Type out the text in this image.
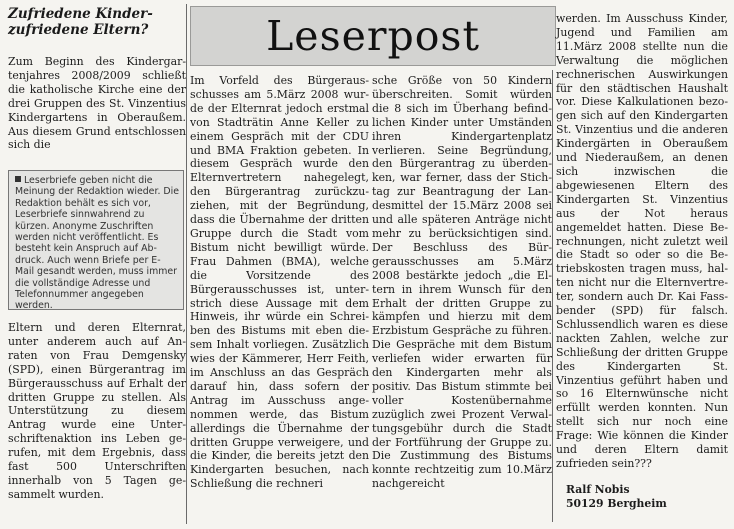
Zufriedene Kinder-
zufriedene Eltern?

Zum Beginn des Kindergartenjahres 2008/2009 schließt die katholische Kirche eine der drei Gruppen des St. Vinzentius Kindergartens in Oberaußem. Aus diesem Grund entschlossen sich die

Leserbriefe geben nicht die Meinung der Redaktion wieder. Die Redaktion behält es sich vor, Leserbriefe sinnwahrend zu kürzen. Anonyme Zuschriften werden nicht veröffentlicht. Es besteht kein Anspruch auf Abdruck. Auch wenn Briefe per E-Mail gesandt werden, muss immer die vollständige Adresse und Telefonnummer angegeben werden.

Eltern und deren Elternrat, unter anderem auch auf Anraten von Frau Demgensky (SPD), einen Bürgerantrag im Bürgerausschuss auf Erhalt der dritten Gruppe zu stellen. Als Unterstützung zu diesem Antrag wurde eine Unterschriftenaktion ins Leben gerufen, mit dem Ergebnis, dass fast 500 Unterschriften innerhalb von 5 Tagen gesammelt wurden.

Leserpost

Im Vorfeld des Bürgerausschusses am 5.März 2008 wurde der Elternrat jedoch erstmal von Stadträtin Anne Keller zu einem Gespräch mit der CDU und BMA Fraktion gebeten. In diesem Gespräch wurde den Elternvertretern nahegelegt, den Bürgerantrag zurückzuziehen, mit der Begründung, dass die Übernahme der dritten Gruppe durch die Stadt vom Bistum nicht bewilligt würde. Frau Dahmen (BMA), welche die Vorsitzende des Bürgerausschusses ist, unterstrich diese Aussage mit dem Hinweis, ihr würde ein Schreiben des Bistums mit eben diesem Inhalt vorliegen. Zusätzlich wies der Kämmerer, Herr Feith, im Anschluss an das Gespräch darauf hin, dass sofern der Antrag im Ausschuss angenommen werde, das Bistum allerdings die Übernahme der dritten Gruppe verweigere, und die Kinder, die bereits jetzt den Kindergarten besuchen, nach Schließung die rechneri

sche Größe von 50 Kindern überschreiten. Somit würden die 8 sich im Überhang befindlichen Kinder unter Umständen ihren Kindergartenplatz verlieren. Seine Begründung, den Bürgerantrag zu überdenken, war ferner, dass der Stichtag zur Beantragung der Landesmittel der 15.März 2008 sei und alle späteren Anträge nicht mehr zu berücksichtigen sind. Der Beschluss des Bürgerausschusses am 5.März 2008 bestärkte jedoch „die Eltern in ihrem Wunsch für den Erhalt der dritten Gruppe zu kämpfen und hierzu mit dem Erzbistum Gespräche zu führen. Die Gespräche mit dem Bistum verliefen wider erwarten für den Kindergarten mehr als positiv. Das Bistum stimmte bei voller Kostenübernahme zuzüglich zwei Prozent Verwaltungsgebühr durch die Stadt der Fortführung der Gruppe zu. Die Zustimmung des Bistums konnte rechtzeitig zum 10.März nachgereicht

werden. Im Ausschuss Kinder, Jugend und Familien am 11.März 2008 stellte nun die Verwaltung die möglichen rechnerischen Auswirkungen für den städtischen Haushalt vor. Diese Kalkulationen bezogen sich auf den Kindergarten St. Vinzentius und die anderen Kindergärten in Oberaußem und Niederaußem, an denen sich inzwischen die abgewiesenen Eltern des Kindergarten St. Vinzentius aus der Not heraus angemeldet hatten. Diese Berechnungen, nicht zuletzt weil die Stadt so oder so die Betriebskosten tragen muss, halten nicht nur die Elternvertreter, sondern auch Dr. Kai Fassbender (SPD) für falsch. Schlussendlich waren es diese nackten Zahlen, welche zur Schließung der dritten Gruppe des Kindergarten St. Vinzentius geführt haben und so 16 Elternwünsche nicht erfüllt werden konnten. Nun stellt sich nur noch eine Frage: Wie können die Kinder und deren Eltern damit zufrieden sein???

Ralf Nobis
50129 Bergheim
